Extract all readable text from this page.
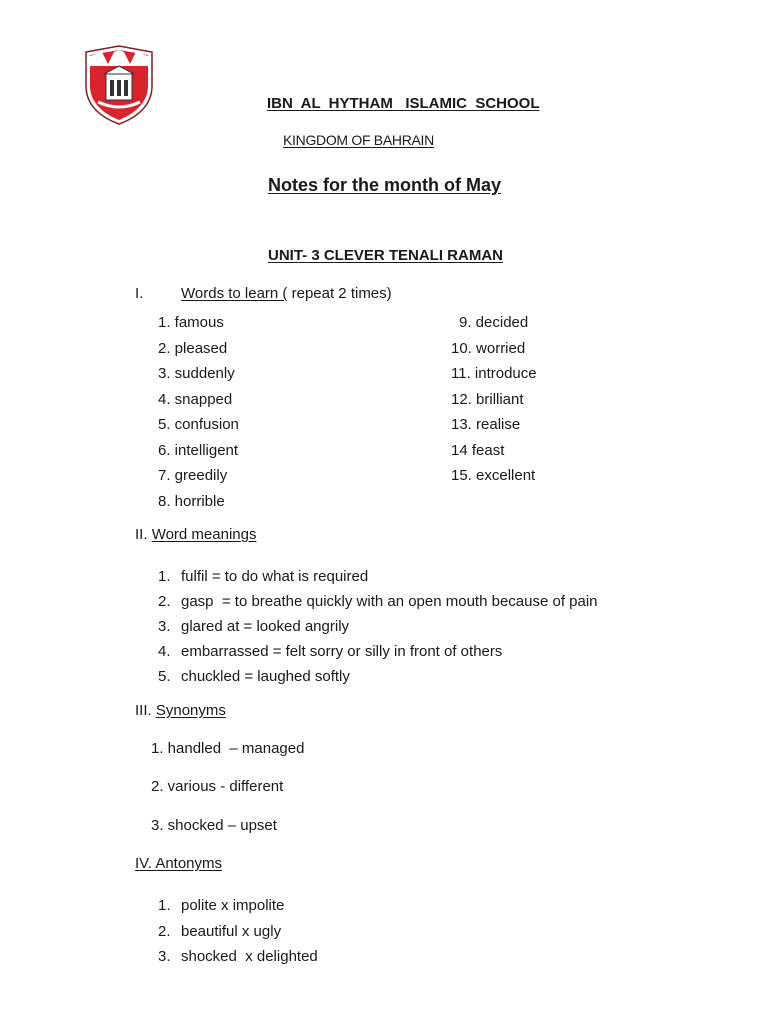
IBN  AL  HYTHAM   ISLAMIC  SCHOOL
KINGDOM OF BAHRAIN
Notes for the month of May
UNIT- 3 CLEVER TENALI RAMAN
I.	Words to learn ( repeat 2 times)
1. famous
2. pleased
3. suddenly
4. snapped
5. confusion
6. intelligent
7. greedily
8. horrible
9. decided
10. worried
11. introduce
12. brilliant
13. realise
14 feast
15. excellent
II. Word meanings
1. fulfil = to do what is required
2. gasp  = to breathe quickly with an open mouth because of pain
3. glared at = looked angrily
4. embarrassed = felt sorry or silly in front of others
5. chuckled = laughed softly
III. Synonyms
1. handled  – managed
2. various - different
3. shocked – upset
IV. Antonyms
1. polite x impolite
2. beautiful x ugly
3. shocked  x delighted
